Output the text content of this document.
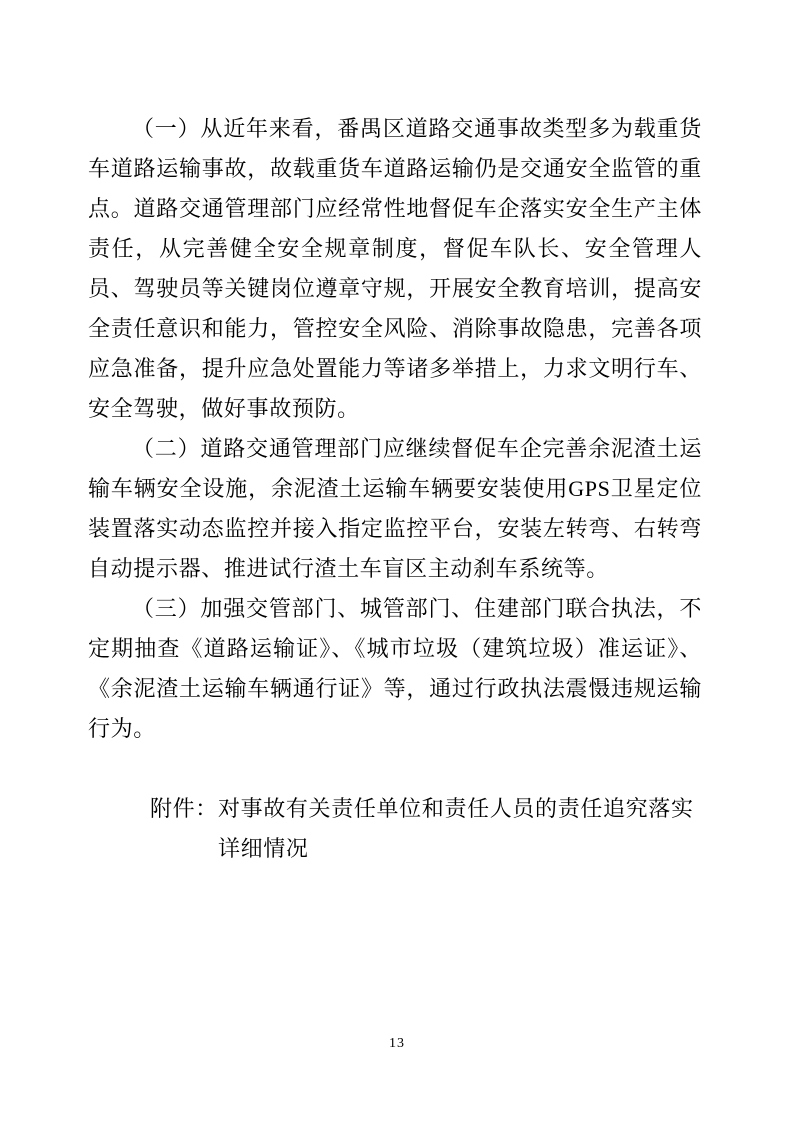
（一）从近年来看，番禺区道路交通事故类型多为载重货车道路运输事故，故载重货车道路运输仍是交通安全监管的重点。道路交通管理部门应经常性地督促车企落实安全生产主体责任，从完善健全安全规章制度，督促车队长、安全管理人员、驾驶员等关键岗位遵章守规，开展安全教育培训，提高安全责任意识和能力，管控安全风险、消除事故隐患，完善各项应急准备，提升应急处置能力等诸多举措上，力求文明行车、安全驾驶，做好事故预防。

（二）道路交通管理部门应继续督促车企完善余泥渣土运输车辆安全设施，余泥渣土运输车辆要安装使用GPS卫星定位装置落实动态监控并接入指定监控平台，安装左转弯、右转弯自动提示器、推进试行渣土车盲区主动刹车系统等。

（三）加强交管部门、城管部门、住建部门联合执法，不定期抽查《道路运输证》、《城市垃圾（建筑垃圾）准运证》、《余泥渣土运输车辆通行证》等，通过行政执法震慑违规运输行为。

附件： 对事故有关责任单位和责任人员的责任追究落实
详细情况
13
